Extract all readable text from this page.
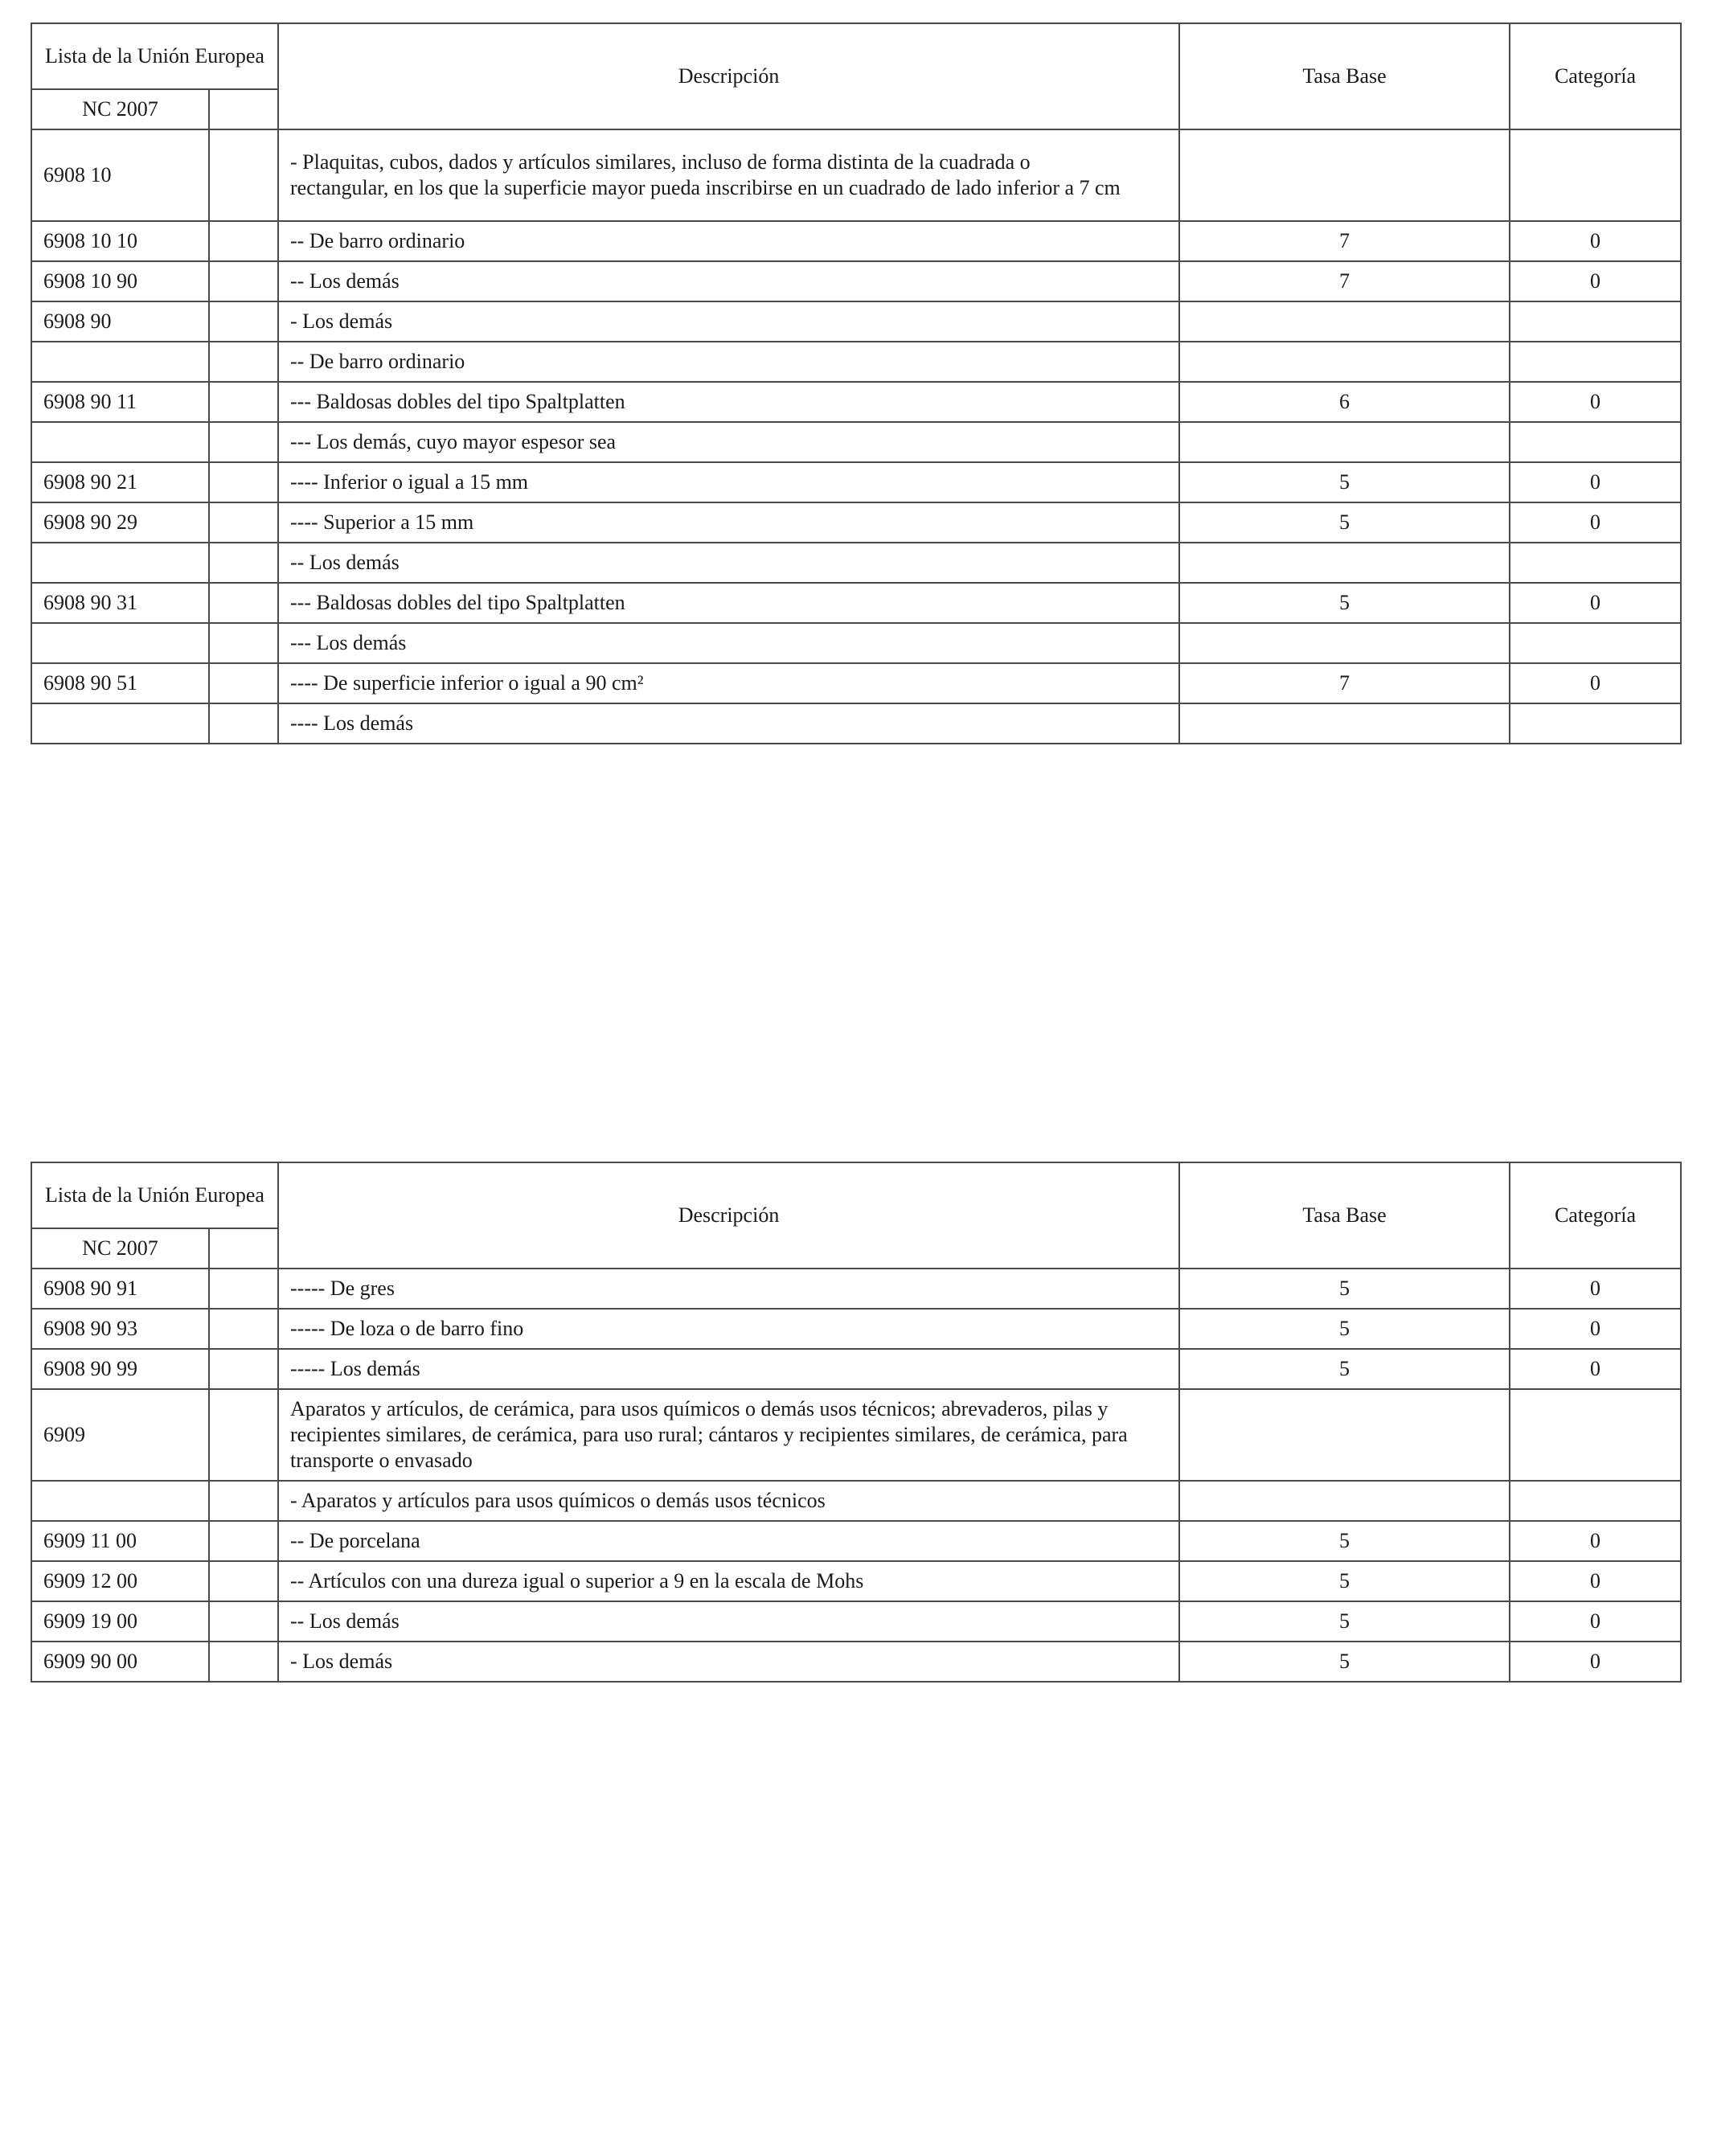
Lista de la Unión Europea		Descripción	Tasa Base	Categoría
NC 2007				
6908 10		- Plaquitas, cubos, dados y artículos similares, incluso de forma distinta de la cuadrada o rectangular, en los que la superficie mayor pueda inscribirse en un cuadrado de lado inferior a 7 cm		
6908 10 10		-- De barro ordinario	7	0
6908 10 90		-- Los demás	7	0
6908 90		- Los demás		
		-- De barro ordinario		
6908 90 11		--- Baldosas dobles del tipo Spaltplatten	6	0
		--- Los demás, cuyo mayor espesor sea		
6908 90 21		---- Inferior o igual a 15 mm	5	0
6908 90 29		---- Superior a 15 mm	5	0
		-- Los demás		
6908 90 31		--- Baldosas dobles del tipo Spaltplatten	5	0
		--- Los demás		
6908 90 51		---- De superficie inferior o igual a 90 cm²	7	0
		---- Los demás		
Lista de la Unión Europea		Descripción	Tasa Base	Categoría
NC 2007				
6908 90 91		----- De gres	5	0
6908 90 93		----- De loza o de barro fino	5	0
6908 90 99		----- Los demás	5	0
6909		Aparatos y artículos, de cerámica, para usos químicos o demás usos técnicos; abrevaderos, pilas y recipientes similares, de cerámica, para uso rural; cántaros y recipientes similares, de cerámica, para transporte o envasado		
		- Aparatos y artículos para usos químicos o demás usos técnicos		
6909 11 00		-- De porcelana	5	0
6909 12 00		-- Artículos con una dureza igual o superior a 9 en la escala de Mohs	5	0
6909 19 00		-- Los demás	5	0
6909 90 00		- Los demás	5	0
